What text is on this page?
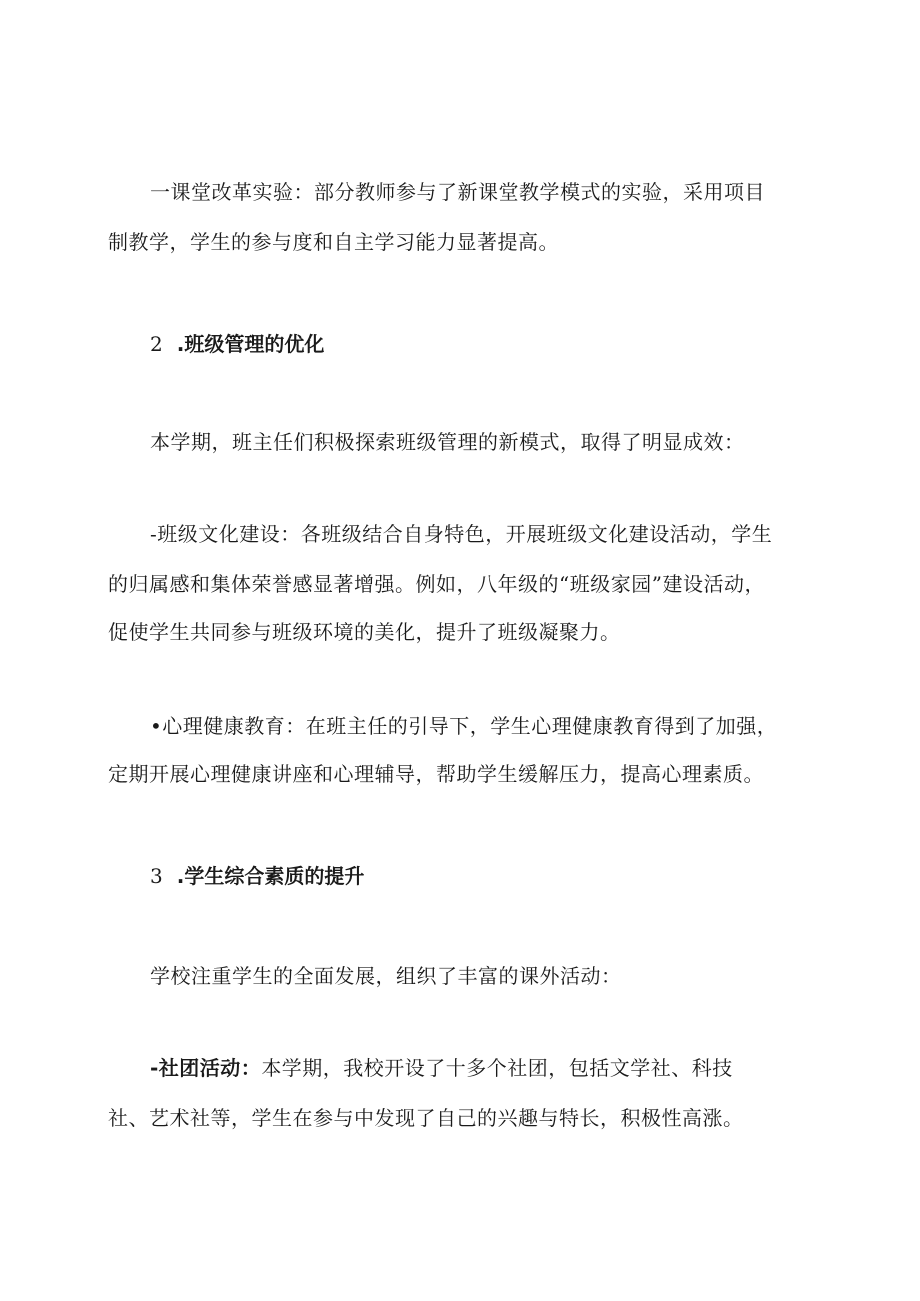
一课堂改革实验：部分教师参与了新课堂教学模式的实验，采用项目
制教学，学生的参与度和自主学习能力显著提高。
2 .班级管理的优化
本学期，班主任们积极探索班级管理的新模式，取得了明显成效：
-班级文化建设：各班级结合自身特色，开展班级文化建设活动，学生
的归属感和集体荣誉感显著增强。例如，八年级的“班级家园”建设活动，
促使学生共同参与班级环境的美化，提升了班级凝聚力。
•心理健康教育：在班主任的引导下，学生心理健康教育得到了加强，
定期开展心理健康讲座和心理辅导，帮助学生缓解压力，提高心理素质。
3 .学生综合素质的提升
学校注重学生的全面发展，组织了丰富的课外活动：
-社团活动：本学期，我校开设了十多个社团，包括文学社、科技
社、艺术社等，学生在参与中发现了自己的兴趣与特长，积极性高涨。
